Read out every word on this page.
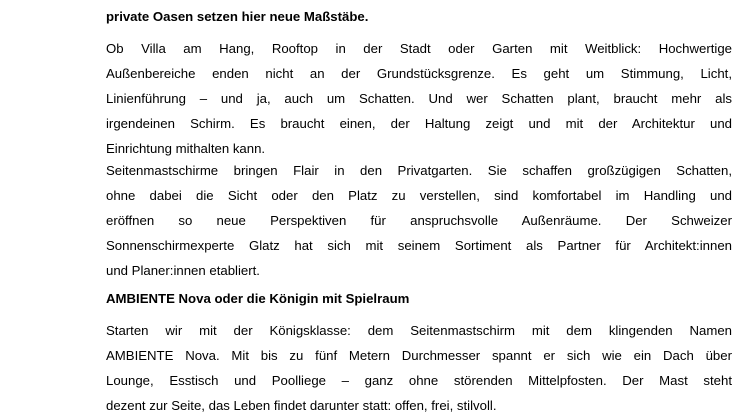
private Oasen setzen hier neue Maßstäbe.
Ob Villa am Hang, Rooftop in der Stadt oder Garten mit Weitblick: Hochwertige
Außenbereiche enden nicht an der Grundstücksgrenze. Es geht um Stimmung, Licht,
Linienführung – und ja, auch um Schatten. Und wer Schatten plant, braucht mehr als
irgendeinen Schirm. Es braucht einen, der Haltung zeigt und mit der Architektur und
Einrichtung mithalten kann.
Seitenmastschirme bringen Flair in den Privatgarten. Sie schaffen großzügigen Schatten,
ohne dabei die Sicht oder den Platz zu verstellen, sind komfortabel im Handling und
eröffnen so neue Perspektiven für anspruchsvolle Außenräume. Der Schweizer
Sonnenschirmexperte Glatz hat sich mit seinem Sortiment als Partner für Architekt:innen
und Planer:innen etabliert.
AMBIENTE Nova oder die Königin mit Spielraum
Starten wir mit der Königsklasse: dem Seitenmastschirm mit dem klingenden Namen
AMBIENTE Nova. Mit bis zu fünf Metern Durchmesser spannt er sich wie ein Dach über
Lounge, Esstisch und Poolliege – ganz ohne störenden Mittelpfosten. Der Mast steht
dezent zur Seite, das Leben findet darunter statt: offen, frei, stilvoll.
